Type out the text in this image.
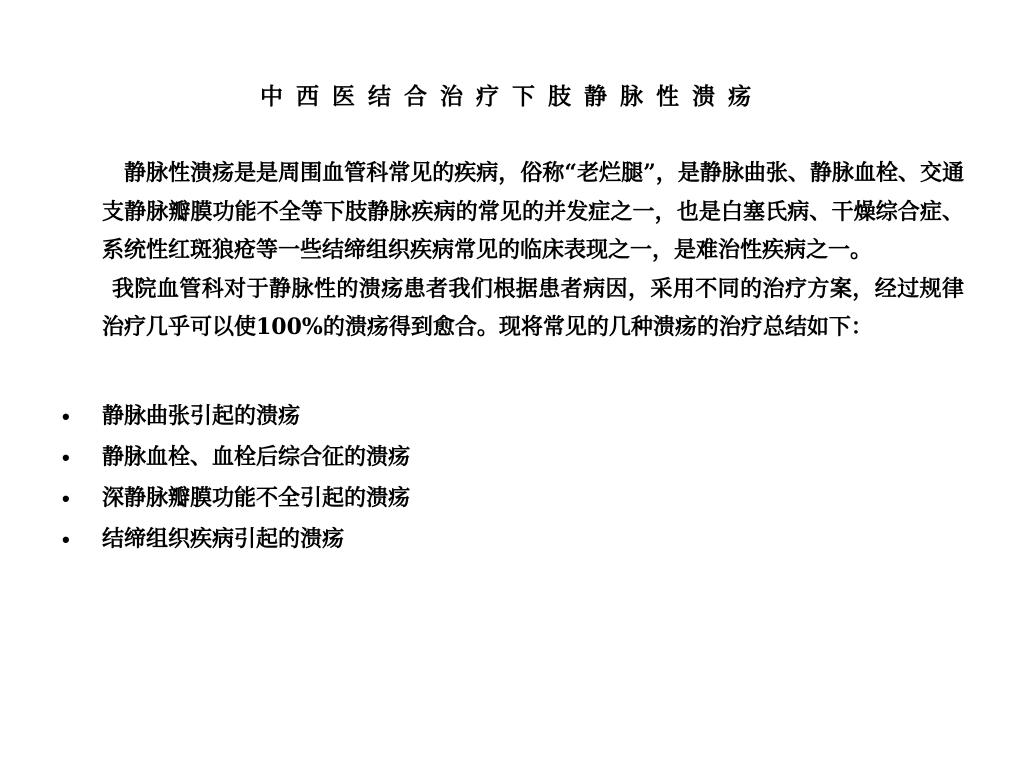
中西医结合治疗下肢静脉性溃疡

静脉性溃疡是是周围血管科常见的疾病，俗称“老烂腿”，是静脉曲张、静脉血栓、交通支静脉瓣膜功能不全等下肢静脉疾病的常见的并发症之一，也是白塞氏病、干燥综合症、系统性红斑狼疮等一些结缔组织疾病常见的临床表现之一，是难治性疾病之一。

我院血管科对于静脉性的溃疡患者我们根据患者病因，采用不同的治疗方案，经过规律治疗几乎可以使100%的溃疡得到愈合。现将常见的几种溃疡的治疗总结如下：

• 静脉曲张引起的溃疡
• 静脉血栓、血栓后综合征的溃疡
• 深静脉瓣膜功能不全引起的溃疡
• 结缔组织疾病引起的溃疡
